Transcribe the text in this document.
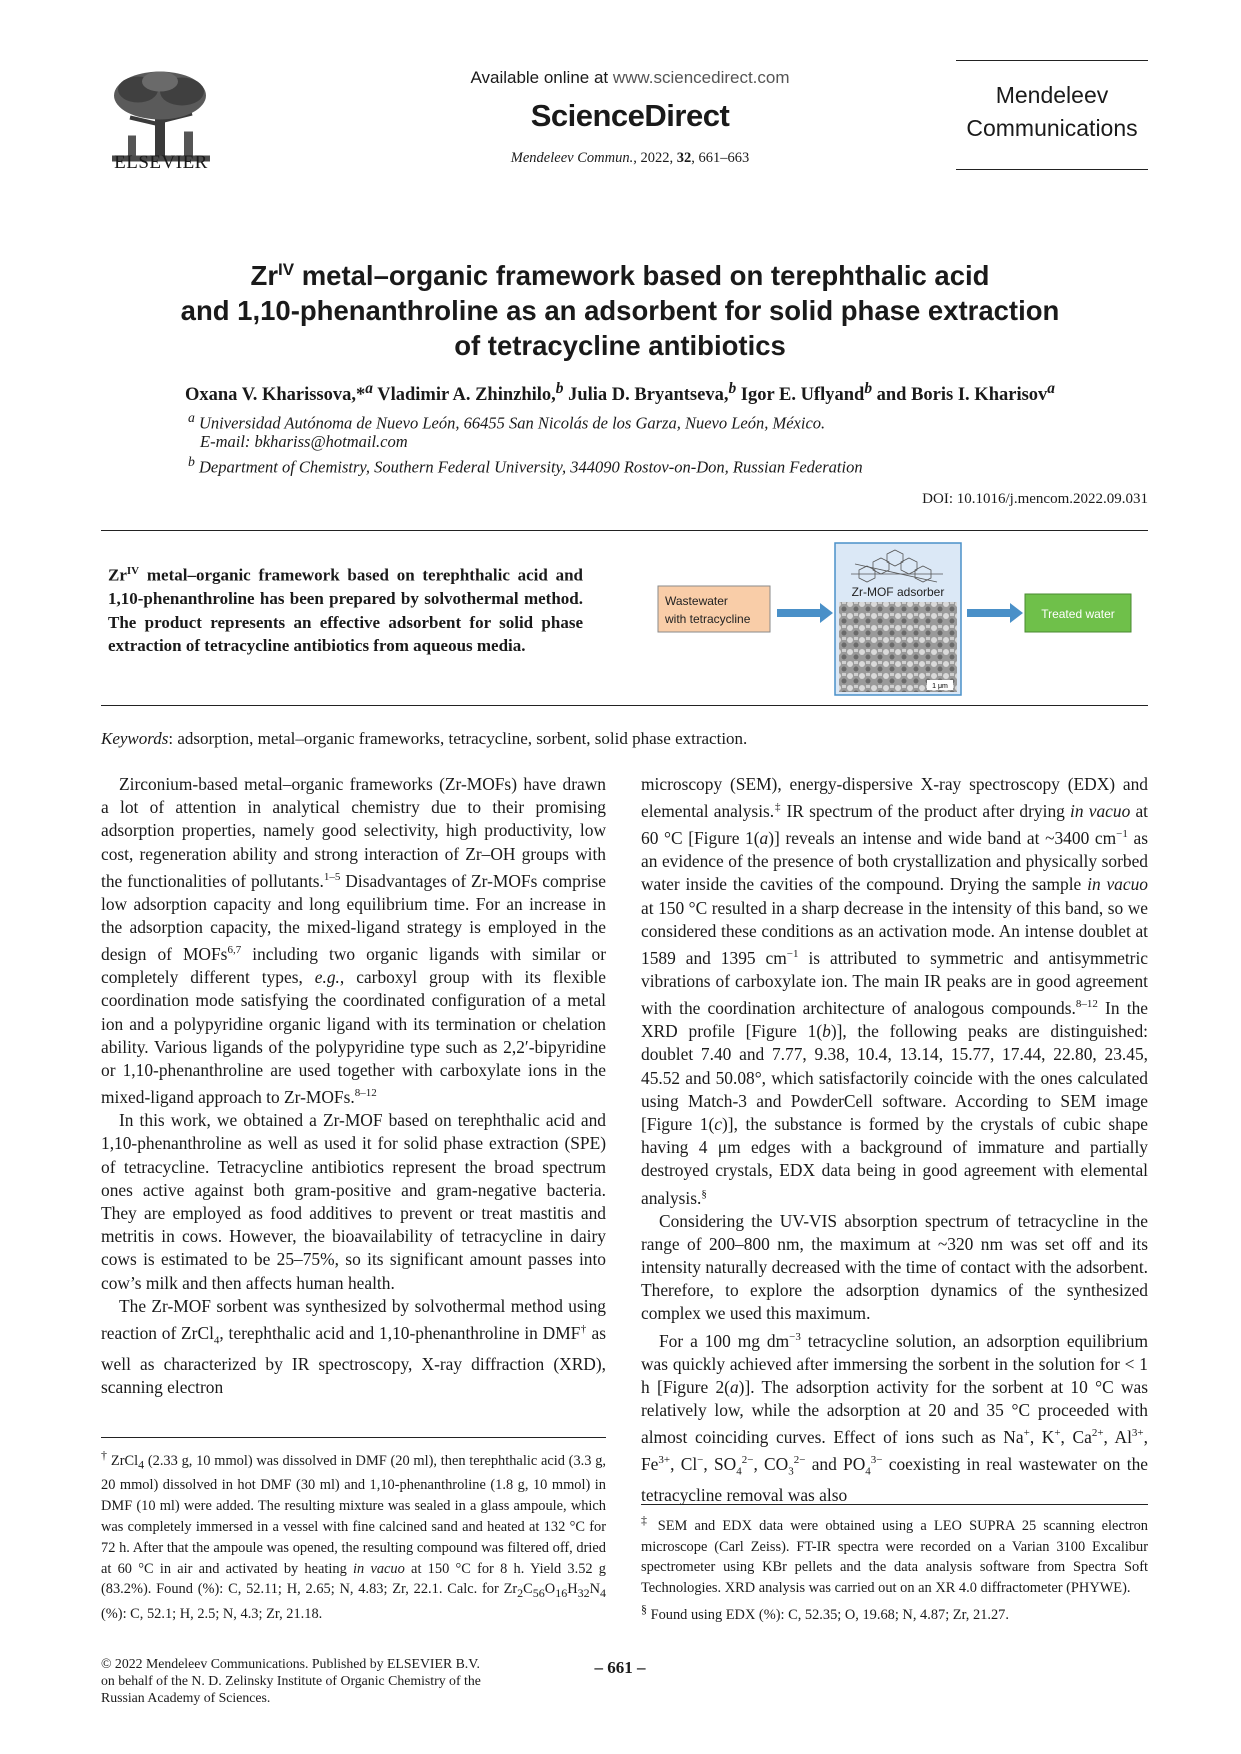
ELSEVIER
Available online at www.sciencedirect.com
ScienceDirect
Mendeleev Commun., 2022, 32, 661–663
Mendeleev
Communications
$Zr^{IV}$ metal–organic framework based on terephthalic acid
and 1,10-phenanthroline as an adsorbent for solid phase extraction
of tetracycline antibiotics
Oxana V. Kharissova,*$^a$ Vladimir A. Zhinzhilo,$^b$ Julia D. Bryantseva,$^b$ Igor E. Uflyand$^b$ and Boris I. Kharisov$^a$
$^a$ Universidad Autónoma de Nuevo León, 66455 San Nicolás de los Garza, Nuevo León, México.
E-mail: bkhariss@hotmail.com
$^b$ Department of Chemistry, Southern Federal University, 344090 Rostov-on-Don, Russian Federation
DOI: 10.1016/j.mencom.2022.09.031
$Zr^{IV}$ metal–organic framework based on terephthalic acid and 1,10-phenanthroline has been prepared by solvothermal method. The product represents an effective adsorbent for solid phase extraction of tetracycline antibiotics from aqueous media.
Wastewater
with tetracycline
Zr-MOF adsorber
1 μm
Treated water
Keywords: adsorption, metal–organic frameworks, tetracycline, sorbent, solid phase extraction.

Zirconium-based metal–organic frameworks (Zr-MOFs) have drawn a lot of attention in analytical chemistry due to their promising adsorption properties, namely good selectivity, high productivity, low cost, regeneration ability and strong interaction of Zr–OH groups with the functionalities of pollutants.$^{1-5}$ Disadvantages of Zr-MOFs comprise low adsorption capacity and long equilibrium time. For an increase in the adsorption capacity, the mixed-ligand strategy is employed in the design of MOFs$^{6,7}$ including two organic ligands with similar or completely different types, e.g., carboxyl group with its flexible coordination mode satisfying the coordinated configuration of a metal ion and a polypyridine organic ligand with its termination or chelation ability. Various ligands of the polypyridine type such as 2,2′-bipyridine or 1,10-phenanthroline are used together with carboxylate ions in the mixed-ligand approach to Zr-MOFs.$^{8-12}$

In this work, we obtained a Zr-MOF based on terephthalic acid and 1,10-phenanthroline as well as used it for solid phase extraction (SPE) of tetracycline. Tetracycline antibiotics represent the broad spectrum ones active against both gram-positive and gram-negative bacteria. They are employed as food additives to prevent or treat mastitis and metritis in cows. However, the bioavailability of tetracycline in dairy cows is estimated to be 25–75%, so its significant amount passes into cow’s milk and then affects human health.

The Zr-MOF sorbent was synthesized by solvothermal method using reaction of ZrCl$_4$, terephthalic acid and 1,10-phenanthroline in DMF† as well as characterized by IR spectroscopy, X-ray diffraction (XRD), scanning electron

† ZrCl$_4$ (2.33 g, 10 mmol) was dissolved in DMF (20 ml), then terephthalic acid (3.3 g, 20 mmol) dissolved in hot DMF (30 ml) and 1,10-phenanthroline (1.8 g, 10 mmol) in DMF (10 ml) were added. The resulting mixture was sealed in a glass ampoule, which was completely immersed in a vessel with fine calcined sand and heated at 132 °C for 72 h. After that the ampoule was opened, the resulting compound was filtered off, dried at 60 °C in air and activated by heating in vacuo at 150 °C for 8 h. Yield 3.52 g (83.2%). Found (%): C, 52.11; H, 2.65; N, 4.83; Zr, 22.1. Calc. for $Zr_2C_{56}O_{16}H_{32}N_4$ (%): C, 52.1; H, 2.5; N, 4.3; Zr, 21.18.

microscopy (SEM), energy-dispersive X-ray spectroscopy (EDX) and elemental analysis.‡ IR spectrum of the product after drying in vacuo at 60 °C [Figure 1(a)] reveals an intense and wide band at ~3400 $cm^{-1}$ as an evidence of the presence of both crystallization and physically sorbed water inside the cavities of the compound. Drying the sample in vacuo at 150 °C resulted in a sharp decrease in the intensity of this band, so we considered these conditions as an activation mode. An intense doublet at 1589 and 1395 $cm^{-1}$ is attributed to symmetric and antisymmetric vibrations of carboxylate ion. The main IR peaks are in good agreement with the coordination architecture of analogous compounds.$^{8-12}$ In the XRD profile [Figure 1(b)], the following peaks are distinguished: doublet 7.40 and 7.77, 9.38, 10.4, 13.14, 15.77, 17.44, 22.80, 23.45, 45.52 and 50.08°, which satisfactorily coincide with the ones calculated using Match-3 and PowderCell software. According to SEM image [Figure 1(c)], the substance is formed by the crystals of cubic shape having 4 μm edges with a background of immature and partially destroyed crystals, EDX data being in good agreement with elemental analysis.§

Considering the UV-VIS absorption spectrum of tetracycline in the range of 200–800 nm, the maximum at ~320 nm was set off and its intensity naturally decreased with the time of contact with the adsorbent. Therefore, to explore the adsorption dynamics of the synthesized complex we used this maximum.

For a 100 mg $dm^{-3}$ tetracycline solution, an adsorption equilibrium was quickly achieved after immersing the sorbent in the solution for < 1 h [Figure 2(a)]. The adsorption activity for the sorbent at 10 °C was relatively low, while the adsorption at 20 and 35 °C proceeded with almost coinciding curves. Effect of ions such as Na+, K+, $Ca^{2+}$, $Al^{3+}$, $Fe^{3+}$, Cl−, $SO_4^{2-}$, $CO_3^{2-}$ and $PO_4^{3-}$ coexisting in real wastewater on the tetracycline removal was also

‡ SEM and EDX data were obtained using a LEO SUPRA 25 scanning electron microscope (Carl Zeiss). FT-IR spectra were recorded on a Varian 3100 Excalibur spectrometer using KBr pellets and the data analysis software from Spectra Soft Technologies. XRD analysis was carried out on an XR 4.0 diffractometer (PHYWE).

§ Found using EDX (%): C, 52.35; O, 19.68; N, 4.87; Zr, 21.27.

© 2022 Mendeleev Communications. Published by ELSEVIER B.V.
on behalf of the N. D. Zelinsky Institute of Organic Chemistry of the
Russian Academy of Sciences.
– 661 –
